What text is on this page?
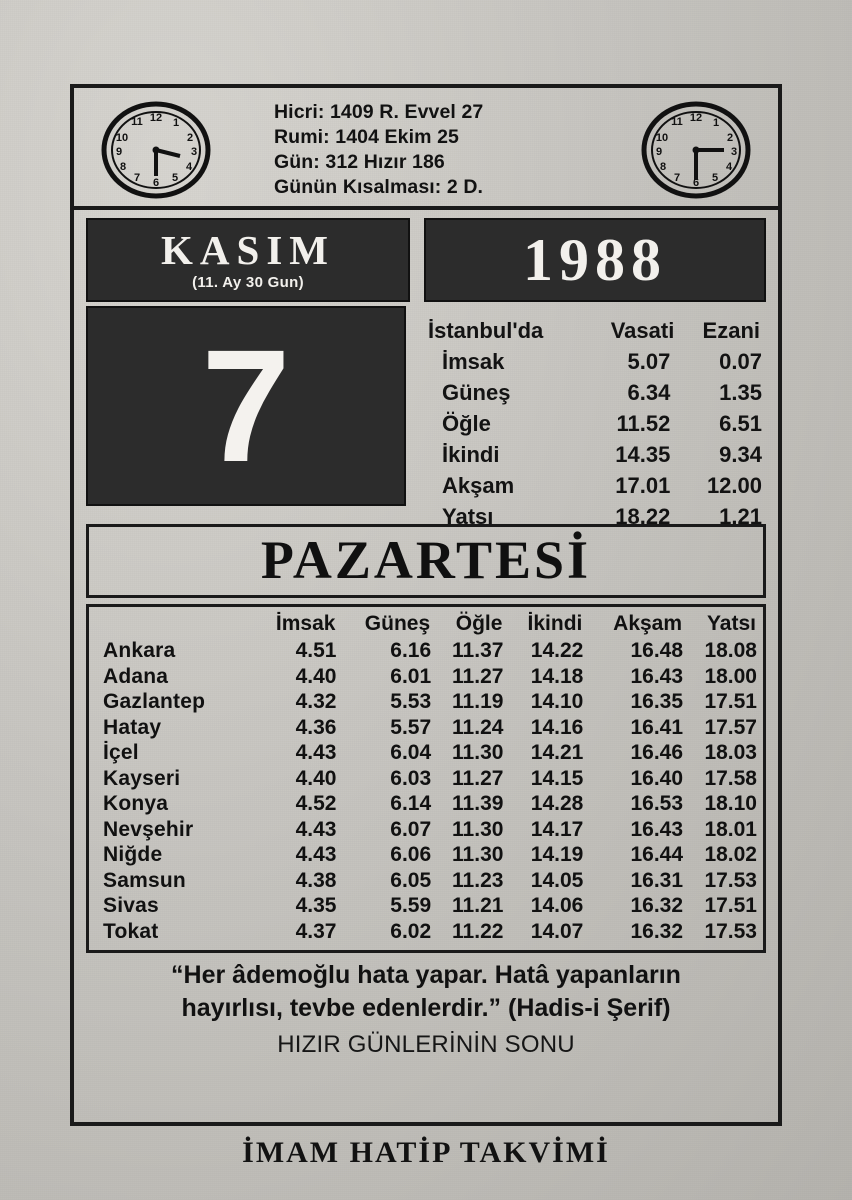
12 1
2
3
4
5
6
7
8
9
10
11	12 1
2
3
4
5
6
7
8
9
10
11
Hicri: 1409 R. Evvel 27
Rumi: 1404 Ekim 25
Gün: 312 Hızır 186
Günün Kısalması: 2 D.
KASIM
(11. Ay 30 Gun)	1988
7	İstanbul'da	Vasati	Ezani
İmsak	5.07	0.07
Güneş	6.34	1.35
Öğle	11.52	6.51
İkindi	14.35	9.34
Akşam	17.01	12.00
Yatsı	18.22	1.21
PAZARTESİ
	İmsak	Güneş	Öğle	İkindi	Akşam	Yatsı
Ankara	4.51	6.16	11.37	14.22	16.48	18.08
Adana	4.40	6.01	11.27	14.18	16.43	18.00
Gazlantep	4.32	5.53	11.19	14.10	16.35	17.51
Hatay	4.36	5.57	11.24	14.16	16.41	17.57
İçel	4.43	6.04	11.30	14.21	16.46	18.03
Kayseri	4.40	6.03	11.27	14.15	16.40	17.58
Konya	4.52	6.14	11.39	14.28	16.53	18.10
Nevşehir	4.43	6.07	11.30	14.17	16.43	18.01
Niğde	4.43	6.06	11.30	14.19	16.44	18.02
Samsun	4.38	6.05	11.23	14.05	16.31	17.53
Sivas	4.35	5.59	11.21	14.06	16.32	17.51
Tokat	4.37	6.02	11.22	14.07	16.32	17.53
“Her âdemoğlu hata yapar. Hatâ yapanların
hayırlısı, tevbe edenlerdir.” (Hadis-i Şerif)
HIZIR GÜNLERİNİN SONU
İMAM HATİP TAKVİMİ
